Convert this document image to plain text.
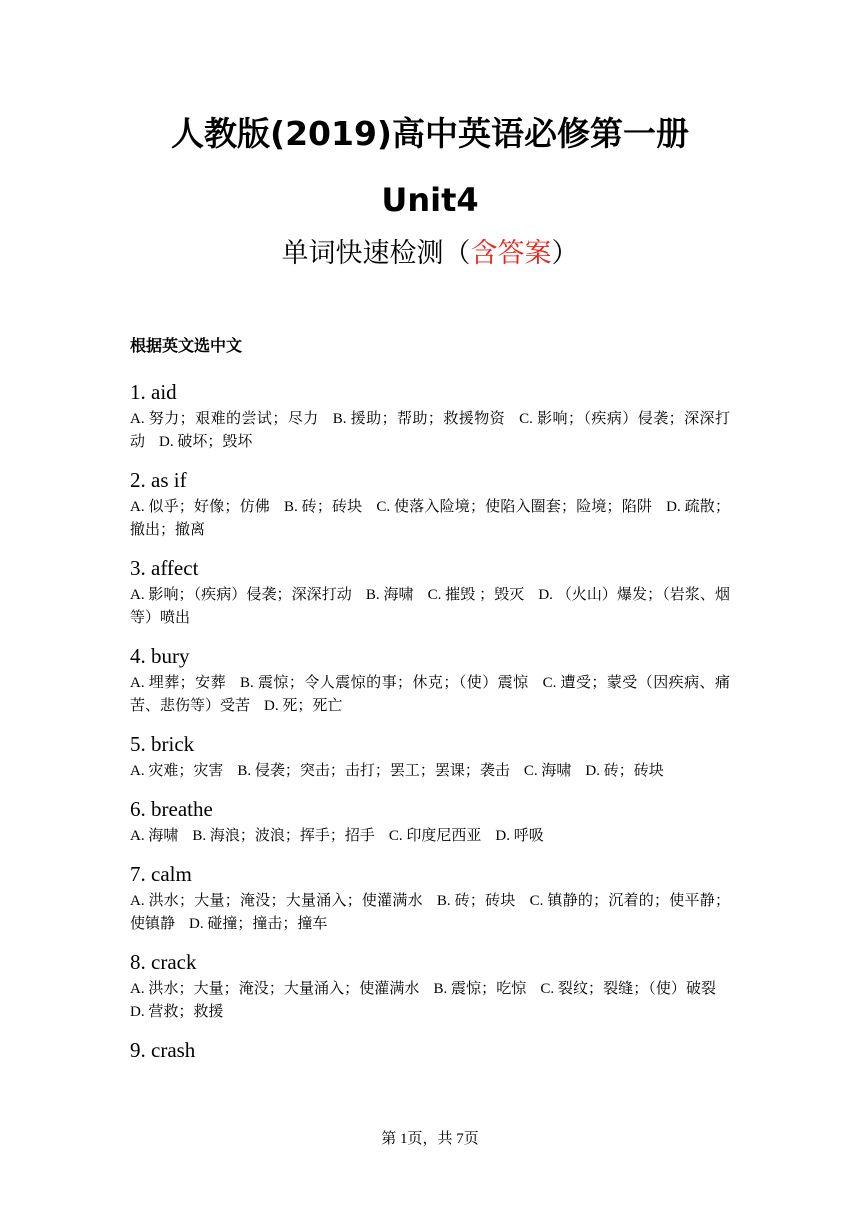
人教版(2019)高中英语必修第一册
Unit4
单词快速检测（含答案）
根据英文选中文
1. aid
A. 努力；艰难的尝试；尽力 B. 援助；帮助；救援物资 C. 影响；（疾病）侵袭；深深打动 D. 破坏；毁坏
2. as if
A. 似乎；好像；仿佛 B. 砖；砖块 C. 使落入险境；使陷入圈套；险境；陷阱 D. 疏散；撤出；撤离
3. affect
A. 影响；（疾病）侵袭；深深打动 B. 海啸 C. 摧毁 ；毁灭 D. （火山）爆发；（岩浆、烟等）喷出
4. bury
A. 埋葬；安葬 B. 震惊；令人震惊的事；休克；（使）震惊 C. 遭受；蒙受（因疾病、痛苦、悲伤等）受苦 D. 死；死亡
5. brick
A. 灾难；灾害 B. 侵袭；突击；击打；罢工；罢课；袭击 C. 海啸 D. 砖；砖块
6. breathe
A. 海啸 B. 海浪；波浪；挥手；招手 C. 印度尼西亚 D. 呼吸
7. calm
A. 洪水；大量；淹没；大量涌入；使灌满水 B. 砖；砖块 C. 镇静的；沉着的；使平静；使镇静 D. 碰撞；撞击；撞车
8. crack
A. 洪水；大量；淹没；大量涌入；使灌满水 B. 震惊；吃惊 C. 裂纹；裂缝；（使）破裂D. 营救；救援
9. crash
第 1页，共 7页
